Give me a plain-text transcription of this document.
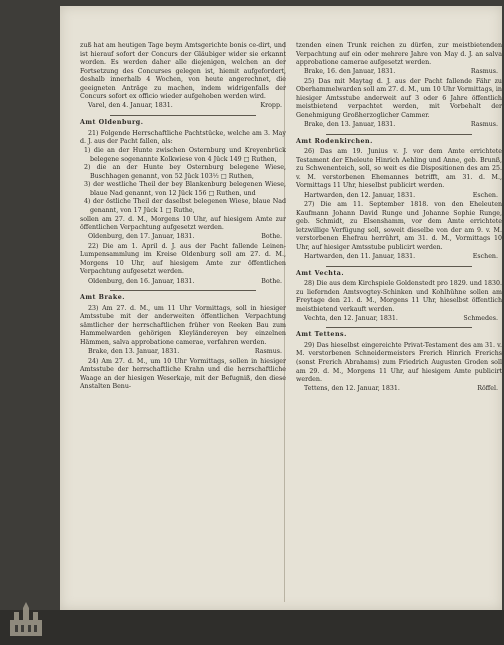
zuß hat am heutigen Tage beym Amtsgerichte bonis ce-dirt, und ist hierauf sofort der Concurs der Gläubiger wider sie erkannt worden. Es werden daher alle diejenigen, welchen an der Fortsetzung des Concurses gelegen ist, hiemit aufgefordert, deshalb innerhalb 4 Wochen, von heute angerechnet, die geeigneten Anträge zu machen, indem widrigenfalls der Concurs sofort ex officio wieder aufgehoben werden wird.

Varel, den 4. Januar, 1831.	Kropp.
Amt Oldenburg.

21) Folgende Herrschaftliche Pachtstücke, welche am 3. May d. J. aus der Pacht fallen, als:

1) die an der Hunte zwischen Osternburg und Kreyenbrück belegene sogenannte Kolkwiese von 4 Jück 149 □ Ruthen,
2) die an der Hunte bey Osternburg belegene Wiese, Buschhagen genannt, von 52 Jück 103½ □ Ruthen,
3) der westliche Theil der bey Blankenburg belegenen Wiese, blaue Nad genannt, von 12 Jück 156 □ Ruthen, und
4) der östliche Theil der daselbst belegenen Wiese, blaue Nad genannt, von 17 Jück 1 □ Ruthe,

sollen am 27. d. M., Morgens 10 Uhr, auf hiesigem Amte zur öffentlichen Verpachtung aufgesetzt werden.

Oldenburg, den 17. Januar, 1831.	Bothe.

22) Die am 1. April d. J. aus der Pacht fallende Leinen- Lumpensammlung im Kreise Oldenburg soll am 27. d. M., Morgens 10 Uhr, auf hiesigem Amte zur öffentlichen Verpachtung aufgesetzt werden.

Oldenburg, den 16. Januar, 1831.	Bothe.
Amt Brake.

23) Am 27. d. M., um 11 Uhr Vormittags, soll in hiesiger Amtsstube mit der anderweiten öffentlichen Verpachtung sämtlicher der herrschaftlichen früher von Reeken Bau zum Hammelwarden gehörigen Kleyländereyen bey einzelnen Hämmen, salva approbatione camerae, verfahren werden.

Brake, den 13. Januar, 1831.	Rasmus.

24) Am 27. d. M., um 10 Uhr Vormittags, sollen in hiesiger Amtsstube der herrschaftliche Krahn und die herrschaftliche Waage an der hiesigen Weserkaje, mit der Befugniß, den diese Anstalten Benu-

tzenden einen Trunk reichen zu dürfen, zur meistbietenden Verpachtung auf ein oder mehrere Jahre von May d. J. an salva approbatione camerae aufgesetzt werden.

Brake, 16. den Januar, 1831.	Rasmus.

25) Das mit Maytag d. J. aus der Pacht fallende Fähr zu Oberhammelwarden soll am 27. d. M., um 10 Uhr Vormittags, in hiesiger Amtsstube anderweit auf 3 oder 6 Jahre öffentlich meistbietend verpachtet werden, mit Vorbehalt der Genehmigung Großherzoglicher Cammer.

Brake, den 13. Januar, 1831.	Rasmus.
Amt Rodenkirchen.

26) Das am 19. Junius v. J. vor dem Amte errichtete Testament der Eheleute Hinrich Aehling und Anne, geb. Brunß, zu Schwenenteich, soll, so weit es die Dispositionen des am 25. v. M. verstorbenen Ehemannes betrifft, am 31. d. M., Vormittags 11 Uhr, hieselbst publicirt werden.

Hartwarden, den 12. Januar, 1831.	Eschen.

27) Die am 11. September 1818. von den Eheleuten Kaufmann Johann David Runge und Johanne Sophie Runge, geb. Schmidt, zu Elsenshamm, vor dem Amte errichtete letzwillige Verfügung soll, soweit dieselbe von der am 9. v. M. verstorbenen Ehefrau herrührt, am 31. d. M., Vormittags 10 Uhr, auf hiesiger Amtsstube publicirt werden.

Hartwarden, den 11. Januar, 1831.	Eschen.
Amt Vechta.

28) Die aus dem Kirchspiele Goldenstedt pro 1829. und 1830. zu liefernden Amtsvogtey-Schinken und Kohlhühne sollen am Freytage den 21. d. M., Morgens 11 Uhr, hieselbst öffentlich meistbietend verkauft werden.

Vechta, den 12. Januar, 1831.	Schmedes.
Amt Tettens.

29) Das hieselbst eingereichte Privat-Testament des am 31. v. M. verstorbenen Schneidermeisters Frerich Hinrich Frerichs (sonst Frerich Abrahams) zum Friedrich Augusten Groden soll am 29. d. M., Morgens 11 Uhr, auf hiesigem Amte publicirt werden.

Tettens, den 12. Januar, 1831.	Röffel.
